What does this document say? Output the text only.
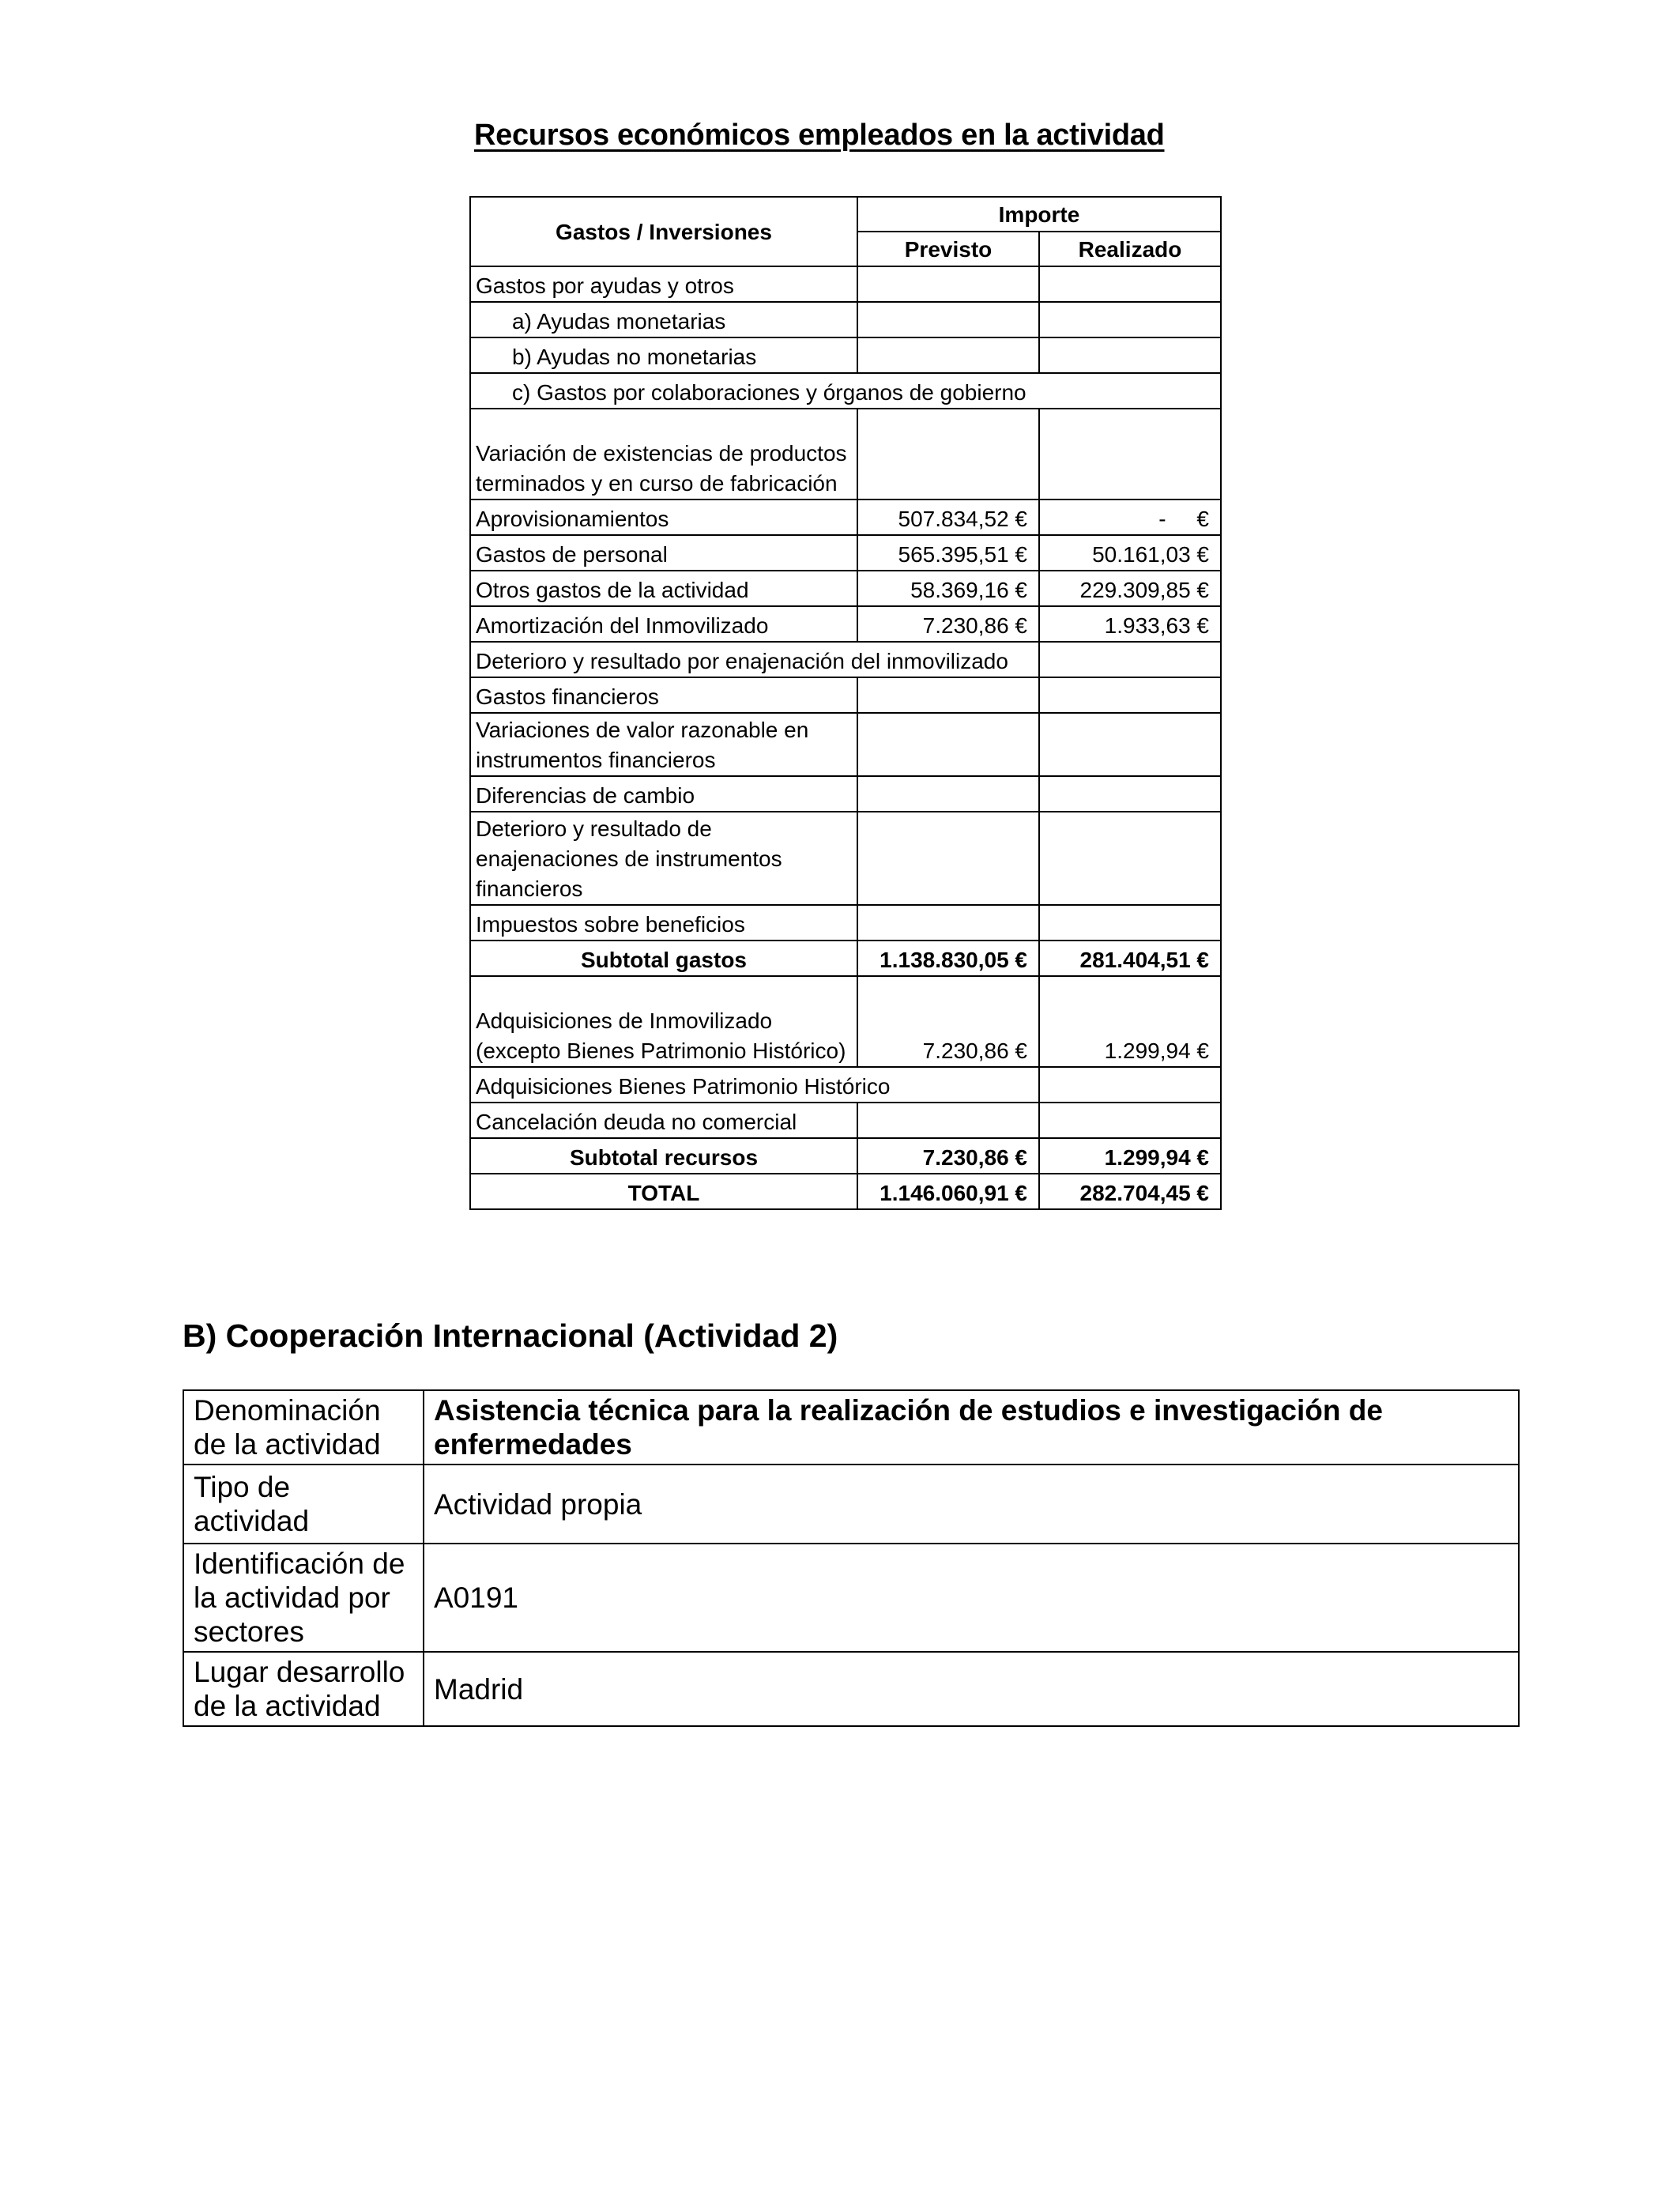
Recursos económicos empleados en la actividad
Gastos / Inversiones	Importe	
	Previsto	Realizado
Gastos por ayudas y otros		
a) Ayudas monetarias		
b) Ayudas no monetarias		
c) Gastos por colaboraciones y órganos de gobierno		
Variación de existencias de productos terminados y en curso de fabricación		
Aprovisionamientos	507.834,52 €	-     €
Gastos de personal	565.395,51 €	50.161,03 €
Otros gastos de la actividad	58.369,16 €	229.309,85 €
Amortización del Inmovilizado	7.230,86 €	1.933,63 €
Deterioro y resultado por enajenación del inmovilizado		
Gastos financieros		
Variaciones de valor razonable en instrumentos financieros		
Diferencias de cambio		
Deterioro y resultado de enajenaciones de instrumentos financieros		
Impuestos sobre beneficios		
Subtotal gastos	1.138.830,05 €	281.404,51 €
Adquisiciones de Inmovilizado (excepto Bienes Patrimonio Histórico)	7.230,86 €	1.299,94 €
Adquisiciones Bienes Patrimonio Histórico		
Cancelación deuda no comercial		
Subtotal recursos	7.230,86 €	1.299,94 €
TOTAL	1.146.060,91 €	282.704,45 €
B) Cooperación Internacional (Actividad 2)
Denominación de la actividad	Asistencia técnica para la realización de estudios e investigación de enfermedades
Tipo de actividad	Actividad propia
Identificación de la actividad por sectores	A0191
Lugar desarrollo de la actividad	Madrid
